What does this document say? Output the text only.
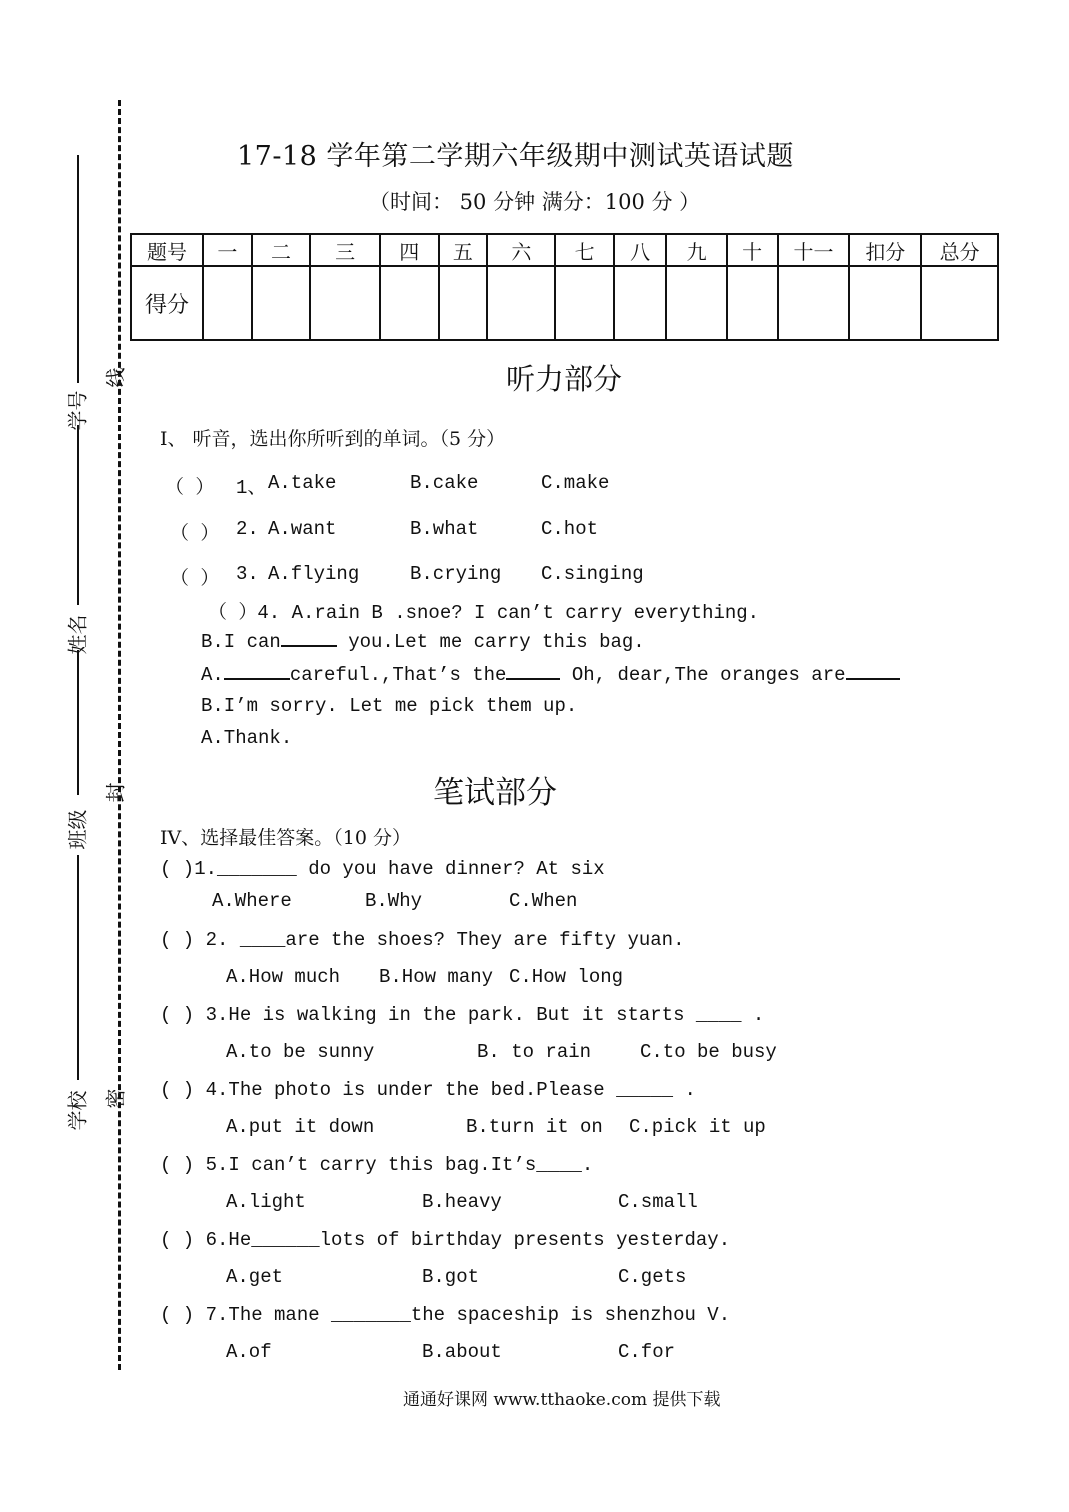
学号
姓名
班级
学校
线
封
密
17-18 学年第二学期六年级期中测试英语试题
（时间： 50 分钟 满分：100 分 ）
题号	一	二	三	四	五	六	七	八	九	十	十一	扣分	总分
得分													
听力部分
I、 听音，选出你所听到的单词。（5 分）
（ ） 1、 A.take	B.cake	C.make
（ ） 2. A.want	B.what	C.hot
（ ） 3. A.flying	B.crying C.singing
（ ）4. A.rain B .snoe? I can’t carry everything.
B.I can	you.Let me carry this bag.
A.	careful.,That’s the	Oh, dear,The oranges are
B.I’m sorry. Let me pick them up.
A.Thank.
笔试部分
IV、选择最佳答案。（10 分）
( )1._______ do you have dinner? At six
A.Where	B.Why	C.When
( ) 2. ____are the shoes? They are fifty yuan.
A.How much B.How many C.How long
( ) 3.He is walking in the park. But it starts ____ .
A.to be sunny	B. to rain	C.to be busy
( ) 4.The photo is under the bed.Please _____ .
A.put it down	B.turn it on C.pick it up
( ) 5.I can’t carry this bag.It’s____.
A.light	B.heavy	C.small
( ) 6.He______lots of birthday presents yesterday.
A.get	B.got	C.gets
( ) 7.The mane _______the spaceship is shenzhou V.
A.of	B.about	C.for
通通好课网 www.tthaoke.com 提供下载
